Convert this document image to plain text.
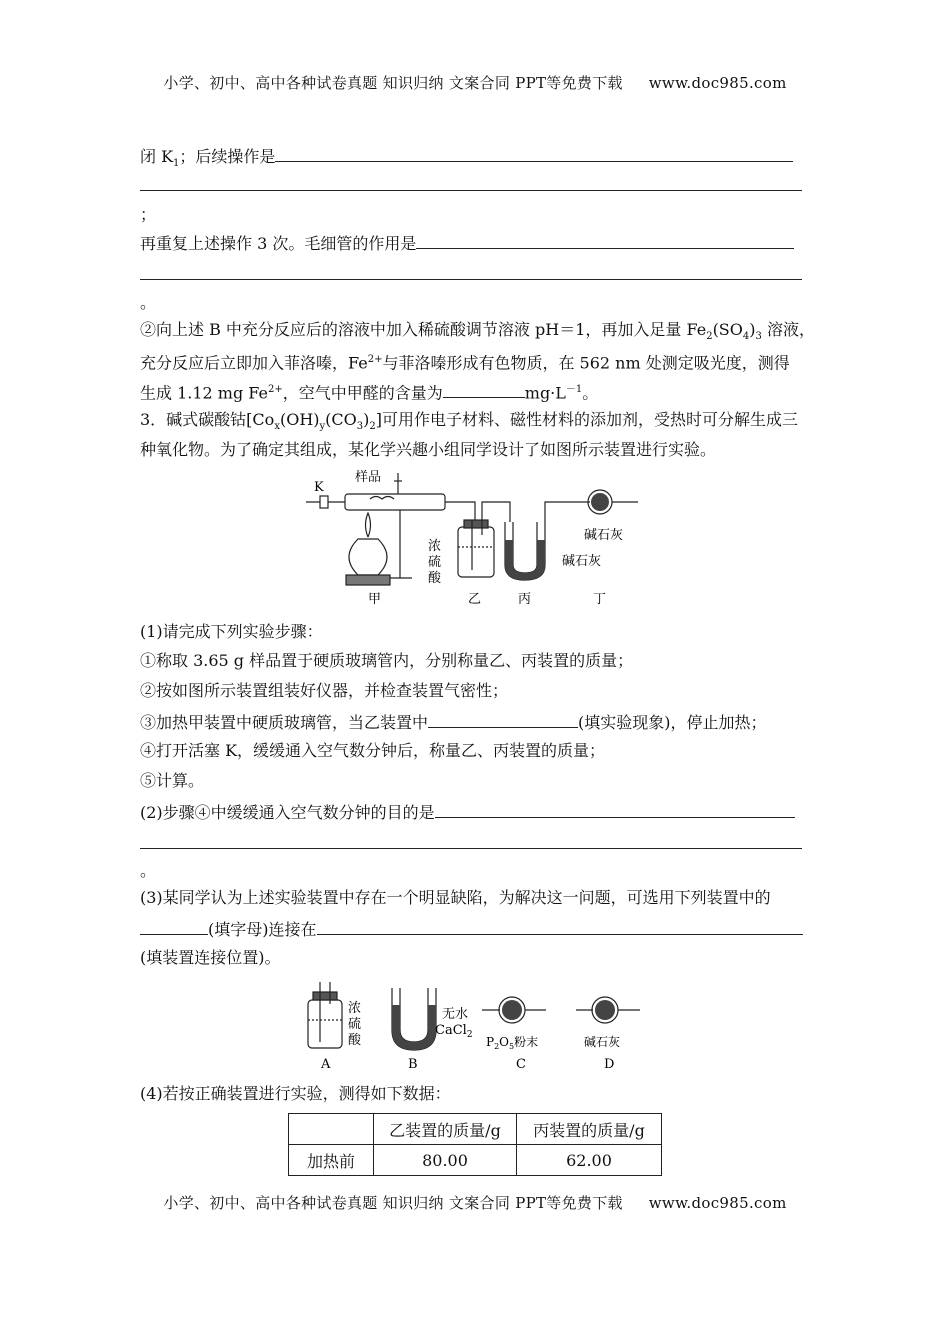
小学、初中、高中各种试卷真题 知识归纳 文案合同 PPT等免费下载 www.doc985.com
闭 $K_1$；后续操作是
；
再重复上述操作 3 次。毛细管的作用是
。
②向上述 B 中充分反应后的溶液中加入稀硫酸调节溶液 pH＝1，再加入足量 $Fe_2(SO_4)_3$ 溶液，
充分反应后立即加入菲洛嗪，$Fe^{2+}$与菲洛嗪形成有色物质，在 562 nm 处测定吸光度，测得
生成 1.12 mg $Fe^{2+}$，空气中甲醛的含量为	$mg\cdot L^{-1}$。
3．碱式碳酸钴$[Co_x(OH)_y(CO_3)_2]$可用作电子材料、磁性材料的添加剂，受热时可分解生成三
种氧化物。为了确定其组成，某化学兴趣小组同学设计了如图所示装置进行实验。
K
样品
浓
硫
酸
碱石灰
碱石灰
甲	乙	丙	丁
(1)请完成下列实验步骤：
①称取 3.65 g 样品置于硬质玻璃管内，分别称量乙、丙装置的质量；
②按如图所示装置组装好仪器，并检查装置气密性；
③加热甲装置中硬质玻璃管，当乙装置中	(填实验现象)，停止加热；
④打开活塞 K，缓缓通入空气数分钟后，称量乙、丙装置的质量；
⑤计算。
(2)步骤④中缓缓通入空气数分钟的目的是
。
(3)某同学认为上述实验装置中存在一个明显缺陷，为解决这一问题，可选用下列装置中的
(填字母)连接在
(填装置连接位置)。
浓
硫
酸
无水
CaCl$_2$ $P_2O_5$粉末	碱石灰
A	B	C	D
(4)若按正确装置进行实验，测得如下数据：
	乙装置的质量/g	丙装置的质量/g
加热前	80.00	62.00
小学、初中、高中各种试卷真题 知识归纳 文案合同 PPT等免费下载 www.doc985.com
